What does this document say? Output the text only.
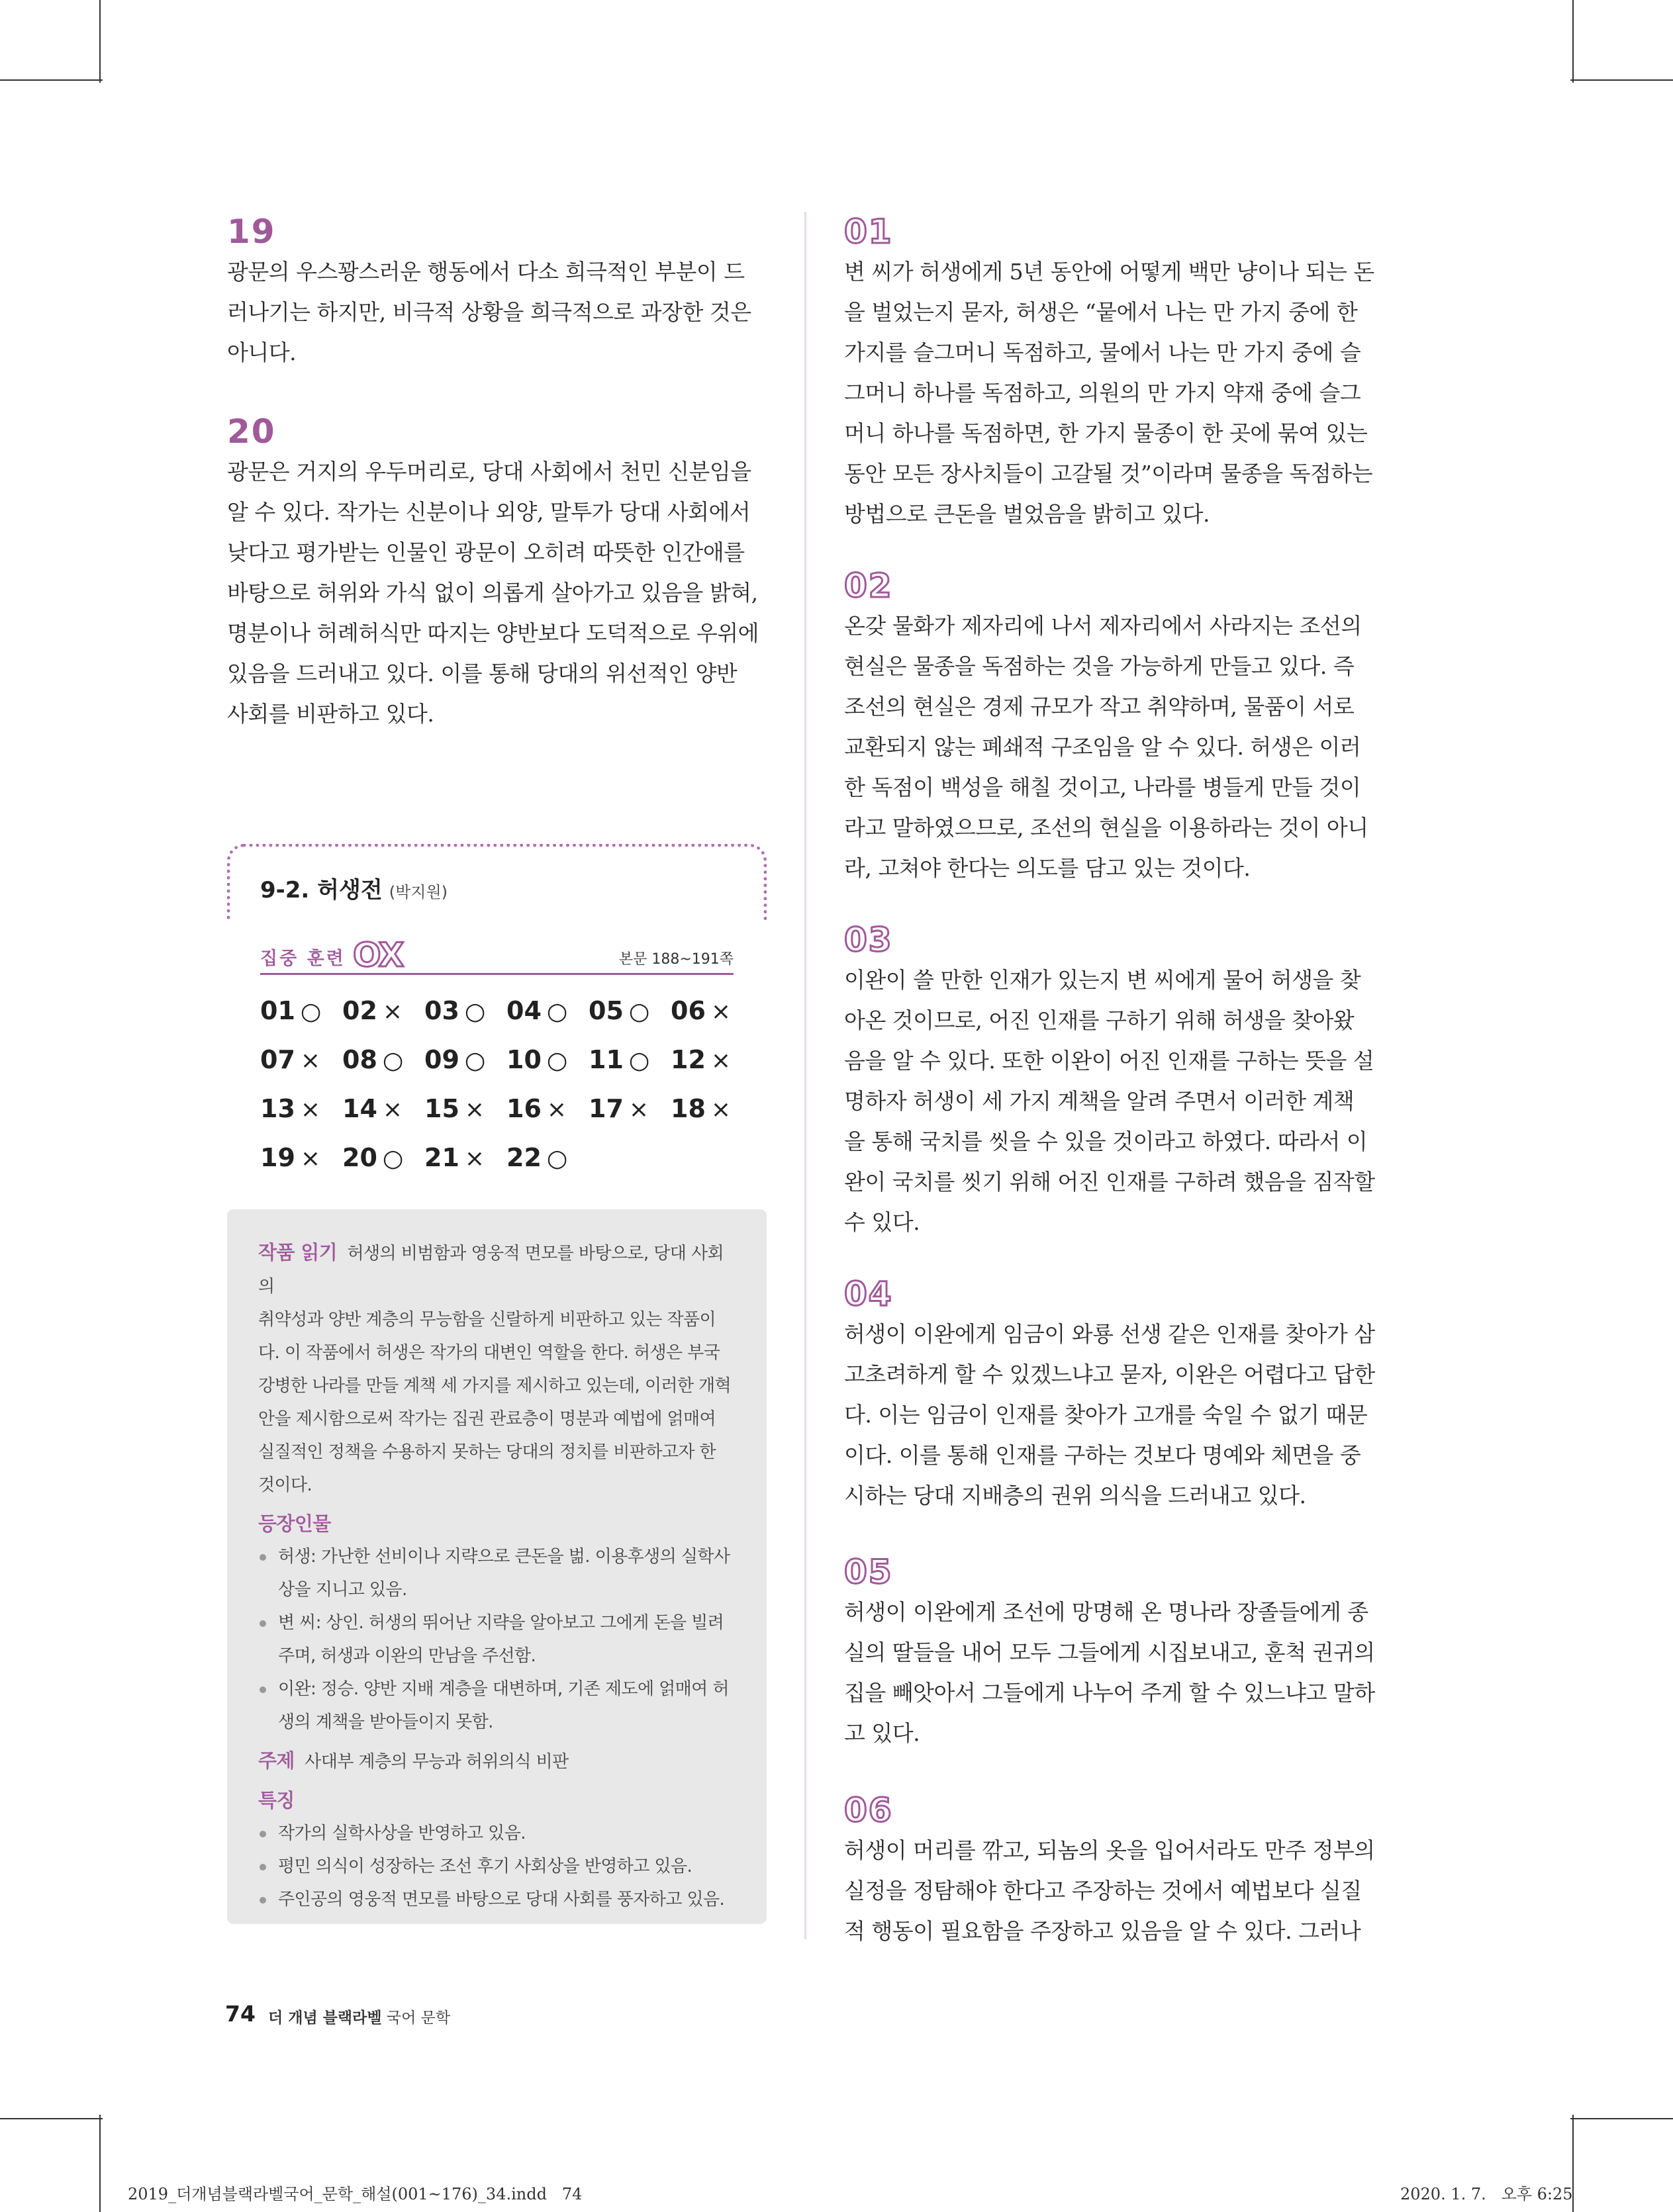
19
광문의 우스꽝스러운 행동에서 다소 희극적인 부분이 드
러나기는 하지만, 비극적 상황을 희극적으로 과장한 것은
아니다.
20
광문은 거지의 우두머리로, 당대 사회에서 천민 신분임을
알 수 있다. 작가는 신분이나 외양, 말투가 당대 사회에서
낮다고 평가받는 인물인 광문이 오히려 따뜻한 인간애를
바탕으로 허위와 가식 없이 의롭게 살아가고 있음을 밝혀,
명분이나 허례허식만 따지는 양반보다 도덕적으로 우위에
있음을 드러내고 있다. 이를 통해 당대의 위선적인 양반
사회를 비판하고 있다.
9-2. 허생전 (박지원)
집중 훈련 OX	본문 188~191쪽
01 ○ 02 × 03 ○ 04 ○ 05 ○ 06 ×
07 × 08 ○ 09 ○ 10 ○ 11 ○ 12 ×
13 × 14 × 15 × 16 × 17 × 18 ×
19 × 20 ○ 21 × 22 ○
작품 읽기 허생의 비범함과 영웅적 면모를 바탕으로, 당대 사회의
취약성과 양반 계층의 무능함을 신랄하게 비판하고 있는 작품이
다. 이 작품에서 허생은 작가의 대변인 역할을 한다. 허생은 부국
강병한 나라를 만들 계책 세 가지를 제시하고 있는데, 이러한 개혁
안을 제시함으로써 작가는 집권 관료층이 명분과 예법에 얽매여
실질적인 정책을 수용하지 못하는 당대의 정치를 비판하고자 한
것이다.
등장인물
허생: 가난한 선비이나 지략으로 큰돈을 벎. 이용후생의 실학사
상을 지니고 있음.
변 씨: 상인. 허생의 뛰어난 지략을 알아보고 그에게 돈을 빌려
주며, 허생과 이완의 만남을 주선함.
이완: 정승. 양반 지배 계층을 대변하며, 기존 제도에 얽매여 허
생의 계책을 받아들이지 못함.
주제 사대부 계층의 무능과 허위의식 비판
특징
작가의 실학사상을 반영하고 있음.
평민 의식이 성장하는 조선 후기 사회상을 반영하고 있음.
주인공의 영웅적 면모를 바탕으로 당대 사회를 풍자하고 있음.
01
변 씨가 허생에게 5년 동안에 어떻게 백만 냥이나 되는 돈
을 벌었는지 묻자, 허생은 “뭍에서 나는 만 가지 중에 한
가지를 슬그머니 독점하고, 물에서 나는 만 가지 중에 슬
그머니 하나를 독점하고, 의원의 만 가지 약재 중에 슬그
머니 하나를 독점하면, 한 가지 물종이 한 곳에 묶여 있는
동안 모든 장사치들이 고갈될 것”이라며 물종을 독점하는
방법으로 큰돈을 벌었음을 밝히고 있다.
02
온갖 물화가 제자리에 나서 제자리에서 사라지는 조선의
현실은 물종을 독점하는 것을 가능하게 만들고 있다. 즉
조선의 현실은 경제 규모가 작고 취약하며, 물품이 서로
교환되지 않는 폐쇄적 구조임을 알 수 있다. 허생은 이러
한 독점이 백성을 해칠 것이고, 나라를 병들게 만들 것이
라고 말하였으므로, 조선의 현실을 이용하라는 것이 아니
라, 고쳐야 한다는 의도를 담고 있는 것이다.
03
이완이 쓸 만한 인재가 있는지 변 씨에게 물어 허생을 찾
아온 것이므로, 어진 인재를 구하기 위해 허생을 찾아왔
음을 알 수 있다. 또한 이완이 어진 인재를 구하는 뜻을 설
명하자 허생이 세 가지 계책을 알려 주면서 이러한 계책
을 통해 국치를 씻을 수 있을 것이라고 하였다. 따라서 이
완이 국치를 씻기 위해 어진 인재를 구하려 했음을 짐작할
수 있다.
04
허생이 이완에게 임금이 와룡 선생 같은 인재를 찾아가 삼
고초려하게 할 수 있겠느냐고 묻자, 이완은 어렵다고 답한
다. 이는 임금이 인재를 찾아가 고개를 숙일 수 없기 때문
이다. 이를 통해 인재를 구하는 것보다 명예와 체면을 중
시하는 당대 지배층의 권위 의식을 드러내고 있다.
05
허생이 이완에게 조선에 망명해 온 명나라 장졸들에게 종
실의 딸들을 내어 모두 그들에게 시집보내고, 훈척 권귀의
집을 빼앗아서 그들에게 나누어 주게 할 수 있느냐고 말하
고 있다.
06
허생이 머리를 깎고, 되놈의 옷을 입어서라도 만주 정부의
실정을 정탐해야 한다고 주장하는 것에서 예법보다 실질
적 행동이 필요함을 주장하고 있음을 알 수 있다. 그러나
74 더 개념 블랙라벨 국어 문학
2019_더개념블랙라벨국어_문학_해설(001~176)_34.indd   74	2020. 1. 7.   오후 6:25
